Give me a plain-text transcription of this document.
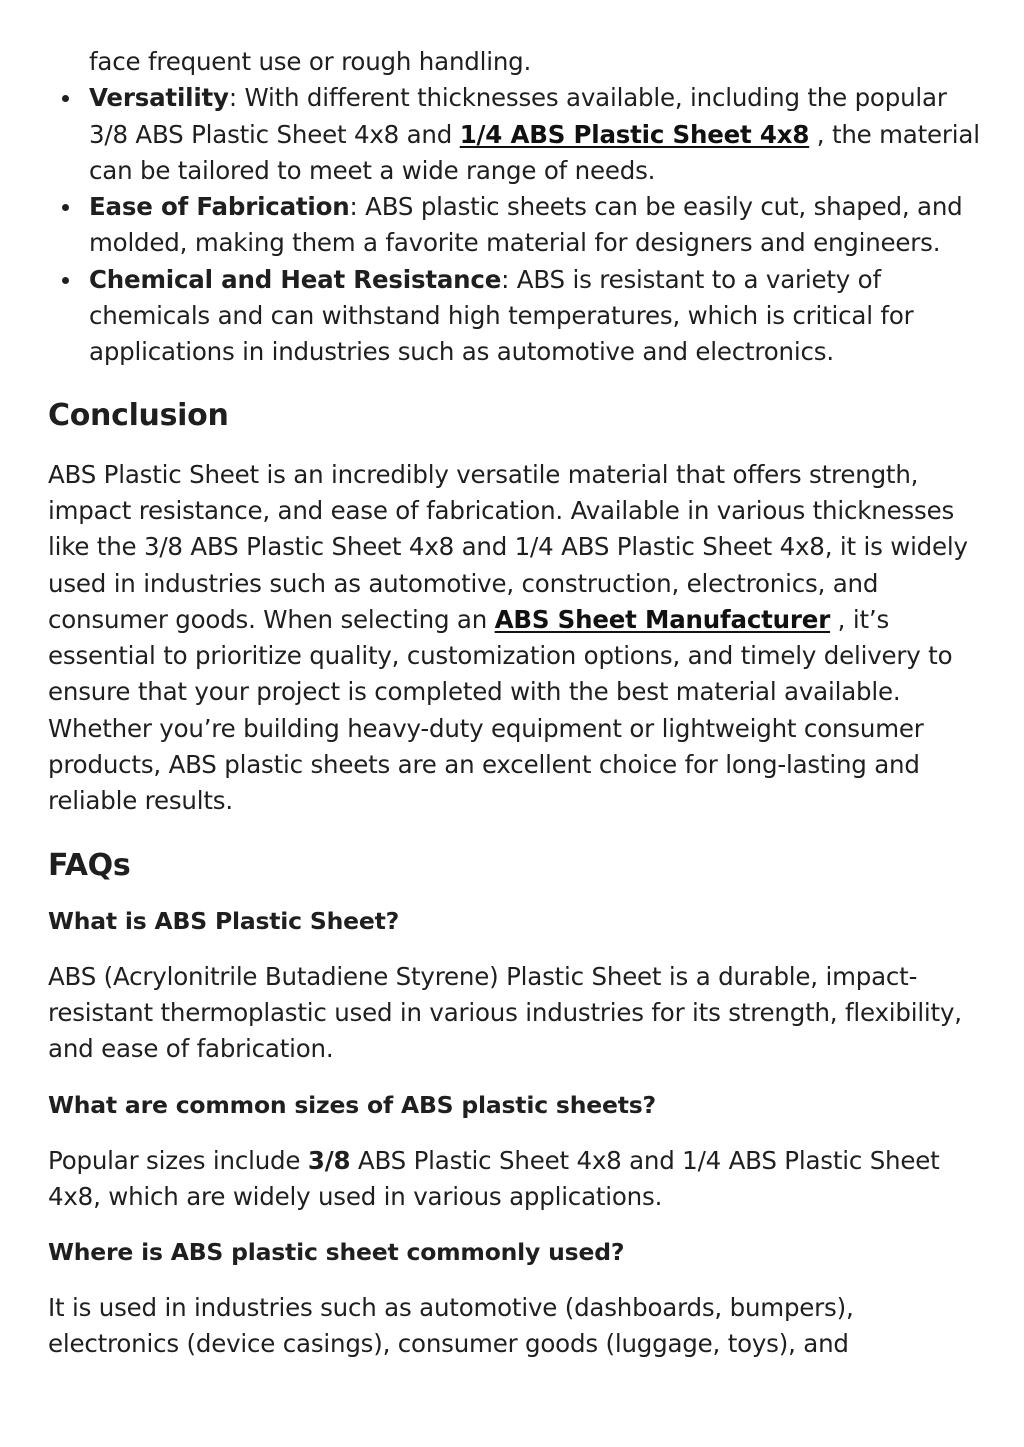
face frequent use or rough handling.

Versatility: With different thicknesses available, including the popular 3/8 ABS Plastic Sheet 4x8 and 1/4 ABS Plastic Sheet 4x8 , the material can be tailored to meet a wide range of needs.
Ease of Fabrication: ABS plastic sheets can be easily cut, shaped, and molded, making them a favorite material for designers and engineers.
Chemical and Heat Resistance: ABS is resistant to a variety of chemicals and can withstand high temperatures, which is critical for applications in industries such as automotive and electronics.
Conclusion

ABS Plastic Sheet is an incredibly versatile material that offers strength, impact resistance, and ease of fabrication. Available in various thicknesses like the 3/8 ABS Plastic Sheet 4x8 and 1/4 ABS Plastic Sheet 4x8, it is widely used in industries such as automotive, construction, electronics, and consumer goods. When selecting an ABS Sheet Manufacturer , it’s essential to prioritize quality, customization options, and timely delivery to ensure that your project is completed with the best material available. Whether you’re building heavy-duty equipment or lightweight consumer products, ABS plastic sheets are an excellent choice for long-lasting and reliable results.

FAQs
What is ABS Plastic Sheet?

ABS (Acrylonitrile Butadiene Styrene) Plastic Sheet is a durable, impact-resistant thermoplastic used in various industries for its strength, flexibility, and ease of fabrication.

What are common sizes of ABS plastic sheets?

Popular sizes include 3/8 ABS Plastic Sheet 4x8 and 1/4 ABS Plastic Sheet 4x8, which are widely used in various applications.

Where is ABS plastic sheet commonly used?

It is used in industries such as automotive (dashboards, bumpers), electronics (device casings), consumer goods (luggage, toys), and
